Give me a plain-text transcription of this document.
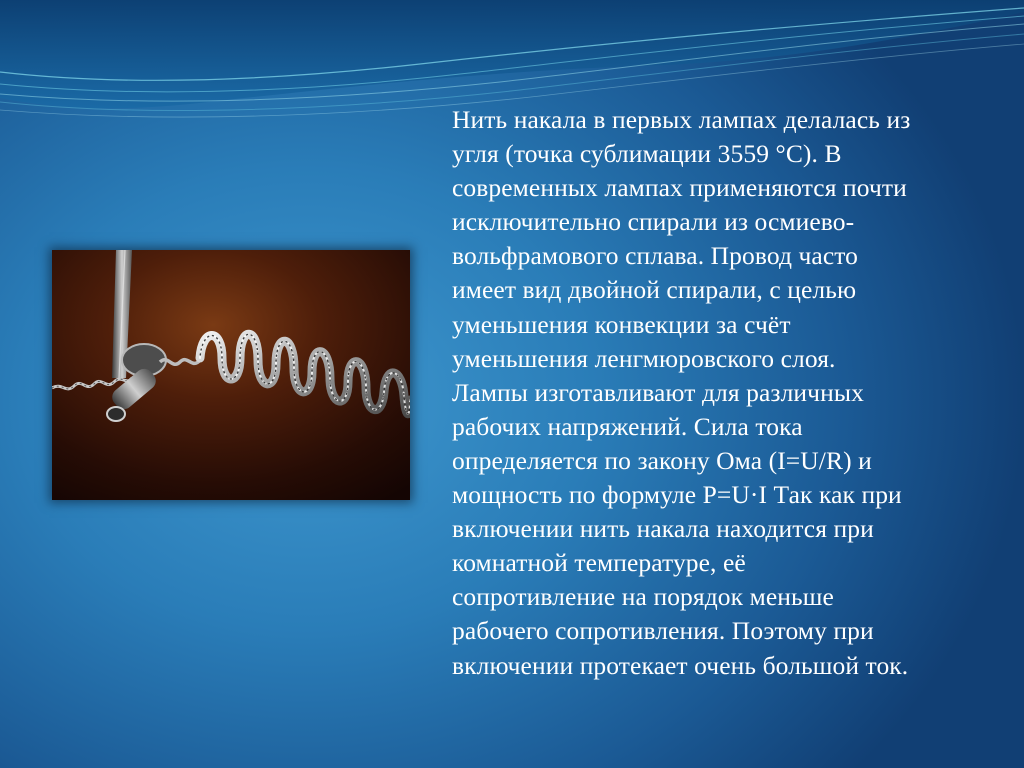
Нить накала в первых лампах делалась из
угля (точка сублимации 3559 °C). В
современных лампах применяются почти
исключительно спирали из осмиево-
вольфрамового сплава. Провод часто
имеет вид двойной спирали, с целью
уменьшения конвекции за счёт
уменьшения ленгмюровского слоя.
Лампы изготавливают для различных
рабочих напряжений. Сила тока
определяется по закону Ома (I=U/R) и
мощность по формуле P=U·I Так как при
включении нить накала находится при
комнатной температуре, её
сопротивление на порядок меньше
рабочего сопротивления. Поэтому при
включении протекает очень большой ток.
